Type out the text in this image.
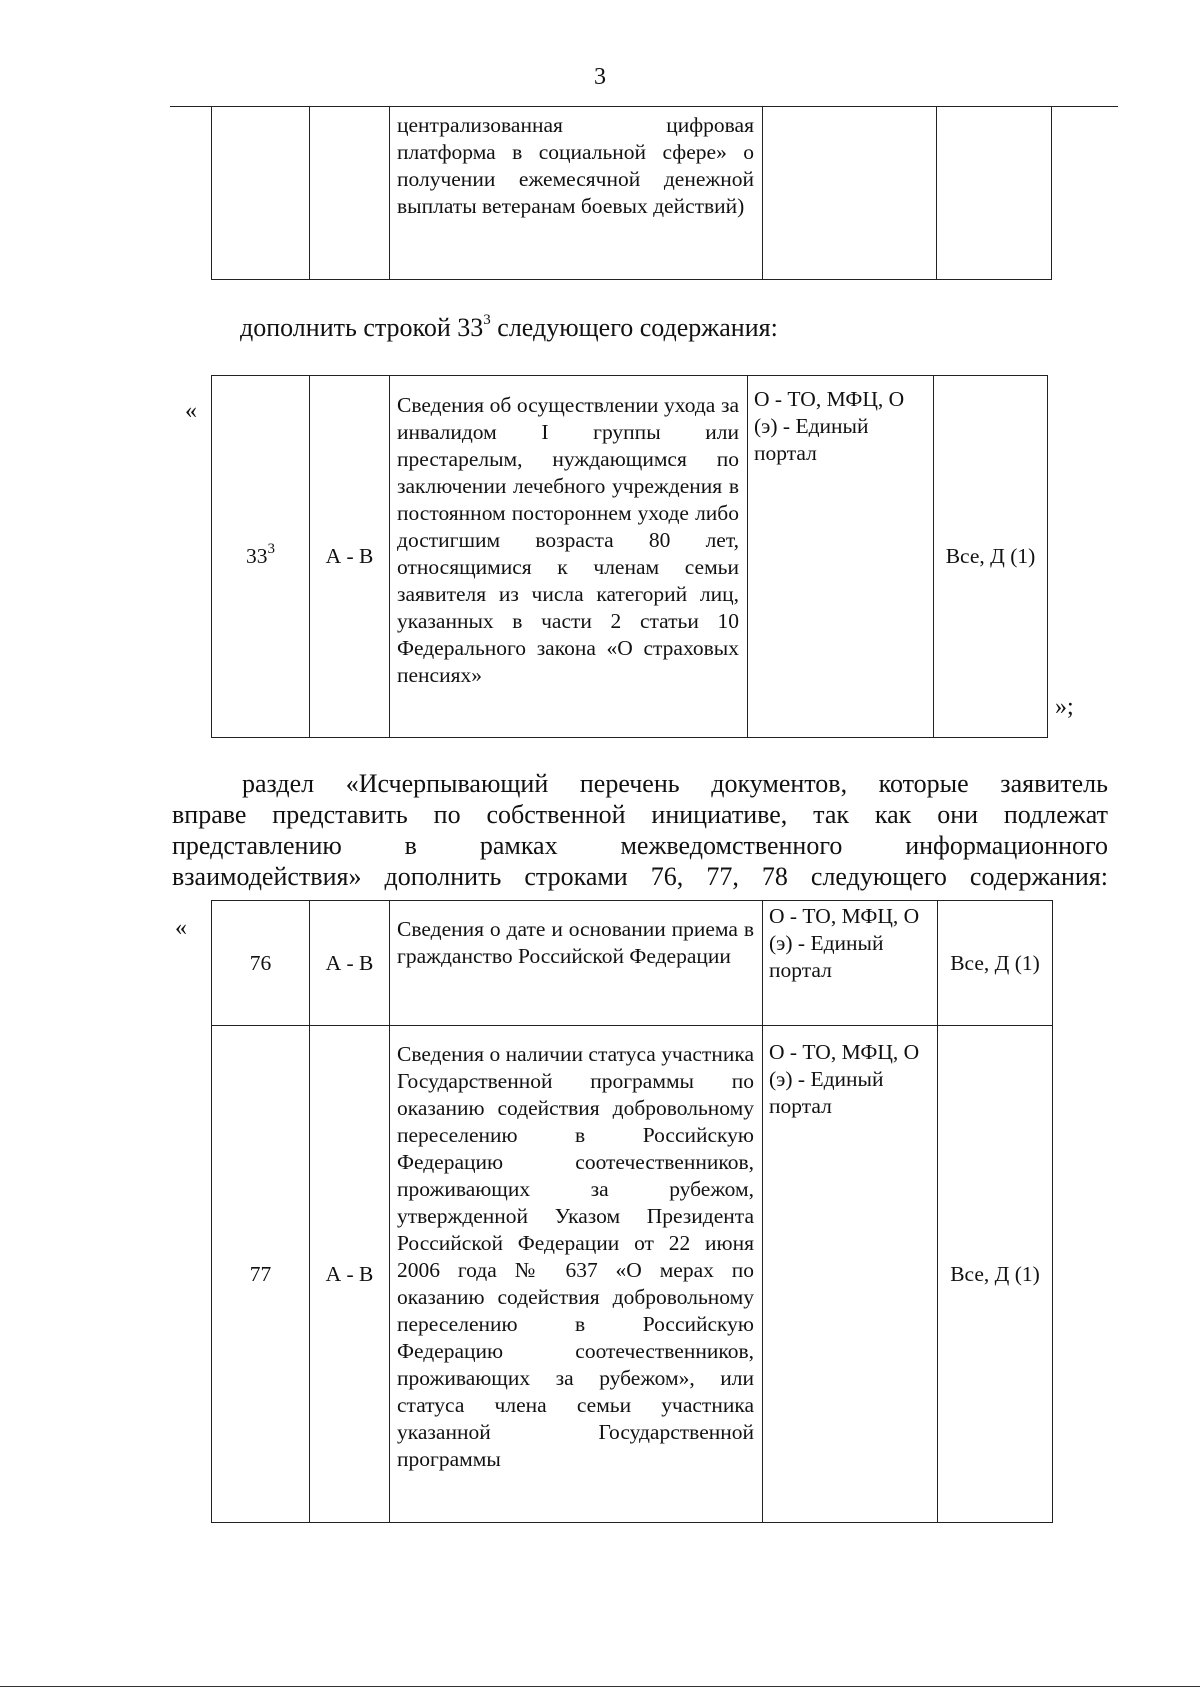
3
		централизованная цифровая платформа в социальной сфере» о получении ежемесячной денежной выплаты ветеранам боевых действий)		
дополнить строкой $33^3$ следующего содержания:
«
$33^3$	А - В	Сведения об осуществлении ухода за инвалидом I группы или престарелым, нуждающимся по заключении лечебного учреждения в постоянном постороннем уходе либо достигшим возраста 80 лет, относящимися к членам семьи заявителя из числа категорий лиц, указанных в части 2 статьи 10 Федерального закона «О страховых пенсиях»	О - ТО, МФЦ, О (э) - Единый портал	Все, Д (1)
»;
раздел «Исчерпывающий перечень документов, которые заявитель
вправе представить по собственной инициативе, так как они подлежат
представлению в рамках межведомственного информационного
взаимодействия» дополнить строками 76, 77, 78 следующего содержания:
«
76	А - В	Сведения о дате и основании приема в гражданство Российской Федерации	О - ТО, МФЦ, О (э) - Единый портал	Все, Д (1)
77	А - В	Сведения о наличии статуса участника Государственной программы по оказанию содействия добровольному переселению в Российскую Федерацию соотечественников, проживающих за рубежом, утвержденной Указом Президента Российской Федерации от 22 июня 2006 года № 637 «О мерах по оказанию содействия добровольному переселению в Российскую Федерацию соотечественников, проживающих за рубежом», или статуса члена семьи участника указанной Государственной программы	О - ТО, МФЦ, О (э) - Единый портал	Все, Д (1)
